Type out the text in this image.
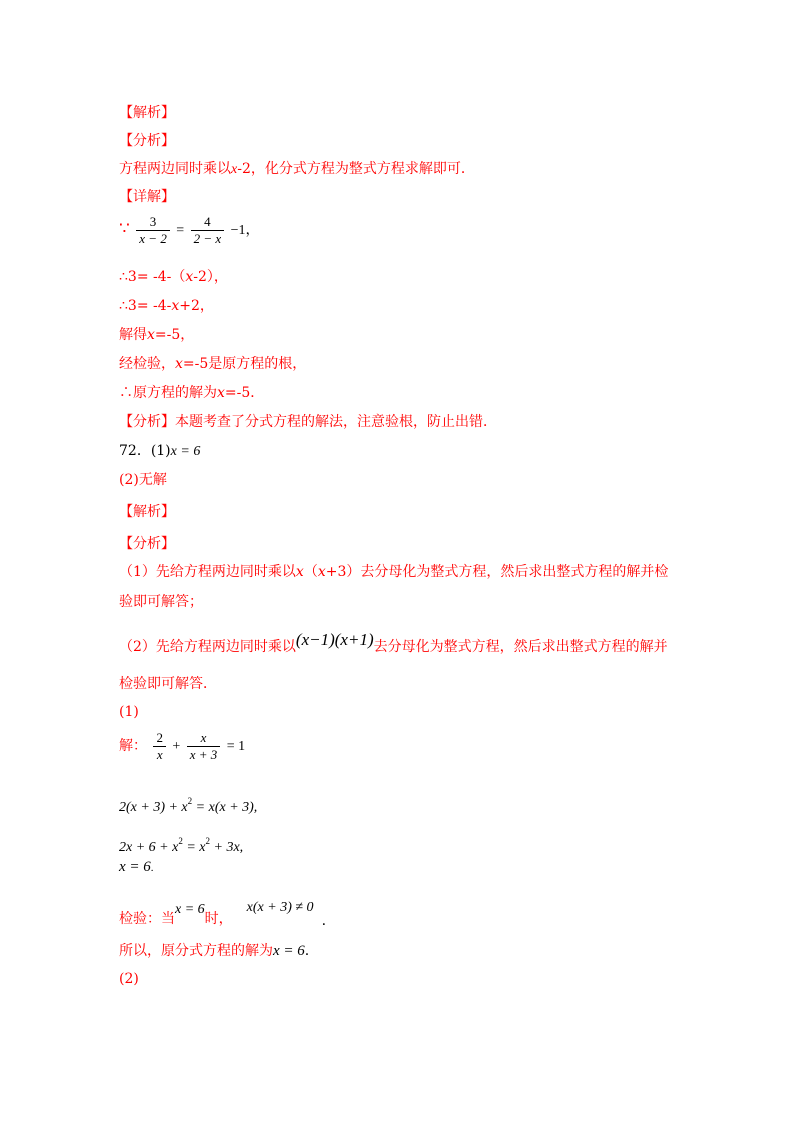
【解析】
【分析】
方程两边同时乘以x-2，化分式方程为整式方程求解即可．
【详解】
∵ $\frac{3}{x - 2} = \frac{4}{2 - x} -1$，
∴3= -4-（x-2），
∴3= -4-x+2，
解得x=-5，
经检验，x=-5是原方程的根，
∴原方程的解为x=-5．
【分析】本题考查了分式方程的解法，注意验根，防止出错．
72．(1)x = 6
(2)无解
【解析】
【分析】
（1）先给方程两边同时乘以x（x+3）去分母化为整式方程，然后求出整式方程的解并检
验即可解答；
（2）先给方程两边同时乘以(x−1)(x+1)去分母化为整式方程，然后求出整式方程的解并
检验即可解答．
(1)
解： $\frac{2}{x} + \frac{x}{x + 3} = 1$
$2(x + 3) + x^2 = x(x + 3)$,
$2x + 6 + x^2 = x^2 + 3x$,
x = 6.
检验：当x = 6时，x(x + 3) ≠ 0.
所以，原分式方程的解为x = 6.
(2)
